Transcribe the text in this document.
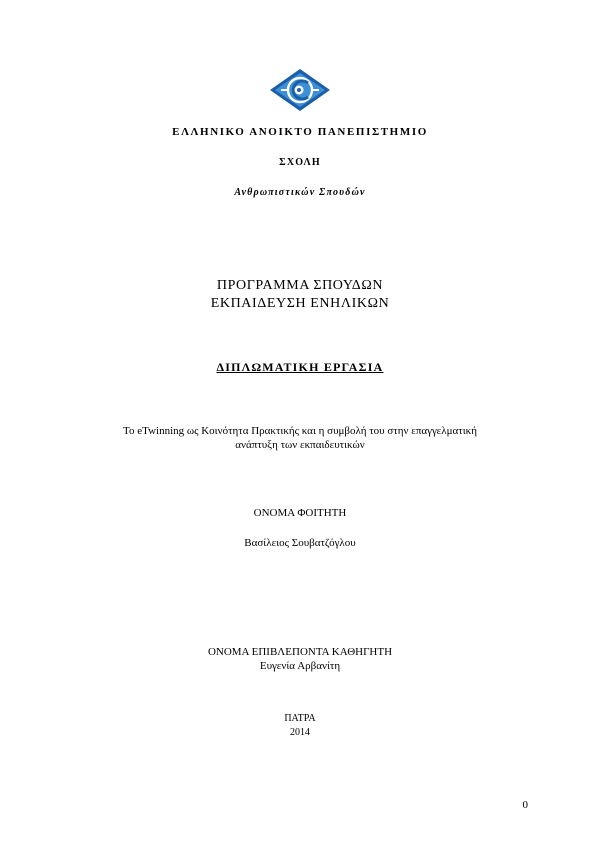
ΕΛΛΗΝΙΚΟ ΑΝΟΙΚΤΟ ΠΑΝΕΠΙΣΤΗΜΙΟ
ΣΧΟΛΗ
Ανθρωπιστικών Σπουδών
ΠΡΟΓΡΑΜΜΑ ΣΠΟΥΔΩΝ
ΕΚΠΑΙΔΕΥΣΗ ΕΝΗΛΙΚΩΝ
ΔΙΠΛΩΜΑΤΙΚΗ ΕΡΓΑΣΙΑ
Το eTwinning ως Κοινότητα Πρακτικής και η συμβολή του στην επαγγελματική
ανάπτυξη των εκπαιδευτικών
ΟΝΟΜΑ ΦΟΙΤΗΤΗ
Βασίλειος Σουβατζόγλου
ΟΝΟΜΑ ΕΠΙΒΛΕΠΟΝΤΑ ΚΑΘΗΓΗΤΗ
Ευγενία Αρβανίτη
ΠΑΤΡΑ
2014
0
